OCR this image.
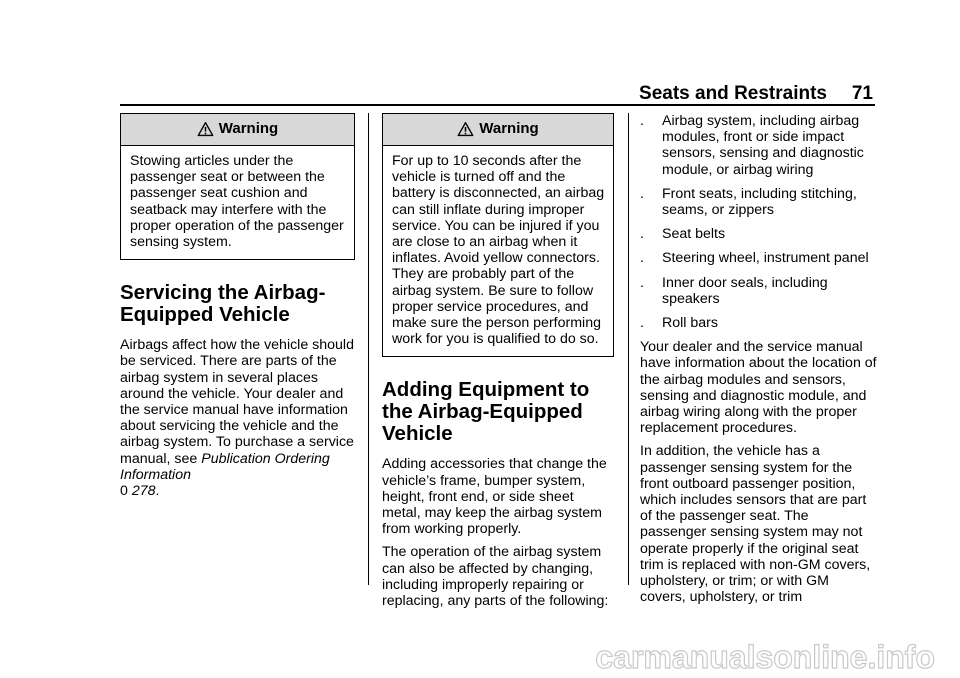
Seats and Restraints 71
Warning
Stowing articles under the passenger seat or between the passenger seat cushion and seatback may interfere with the proper operation of the passenger sensing system.
Servicing the Airbag-Equipped Vehicle

Airbags affect how the vehicle should be serviced. There are parts of the airbag system in several places around the vehicle. Your dealer and the service manual have information about servicing the vehicle and the airbag system. To purchase a service manual, see Publication Ordering Information
0 278.

Warning
For up to 10 seconds after the vehicle is turned off and the battery is disconnected, an airbag can still inflate during improper service. You can be injured if you are close to an airbag when it inflates. Avoid yellow connectors. They are probably part of the airbag system. Be sure to follow proper service procedures, and make sure the person performing work for you is qualified to do so.
Adding Equipment to the Airbag-Equipped Vehicle

Adding accessories that change the vehicle’s frame, bumper system, height, front end, or side sheet metal, may keep the airbag system from working properly.

The operation of the airbag system can also be affected by changing, including improperly repairing or replacing, any parts of the following:

. Airbag system, including airbag modules, front or side impact sensors, sensing and diagnostic module, or airbag wiring
. Front seats, including stitching, seams, or zippers
. Seat belts
. Steering wheel, instrument panel
. Inner door seals, including speakers
. Roll bars

Your dealer and the service manual have information about the location of the airbag modules and sensors, sensing and diagnostic module, and airbag wiring along with the proper replacement procedures.

In addition, the vehicle has a passenger sensing system for the front outboard passenger position, which includes sensors that are part of the passenger seat. The passenger sensing system may not operate properly if the original seat trim is replaced with non-GM covers, upholstery, or trim; or with GM covers, upholstery, or trim

carmanualsonline.info
